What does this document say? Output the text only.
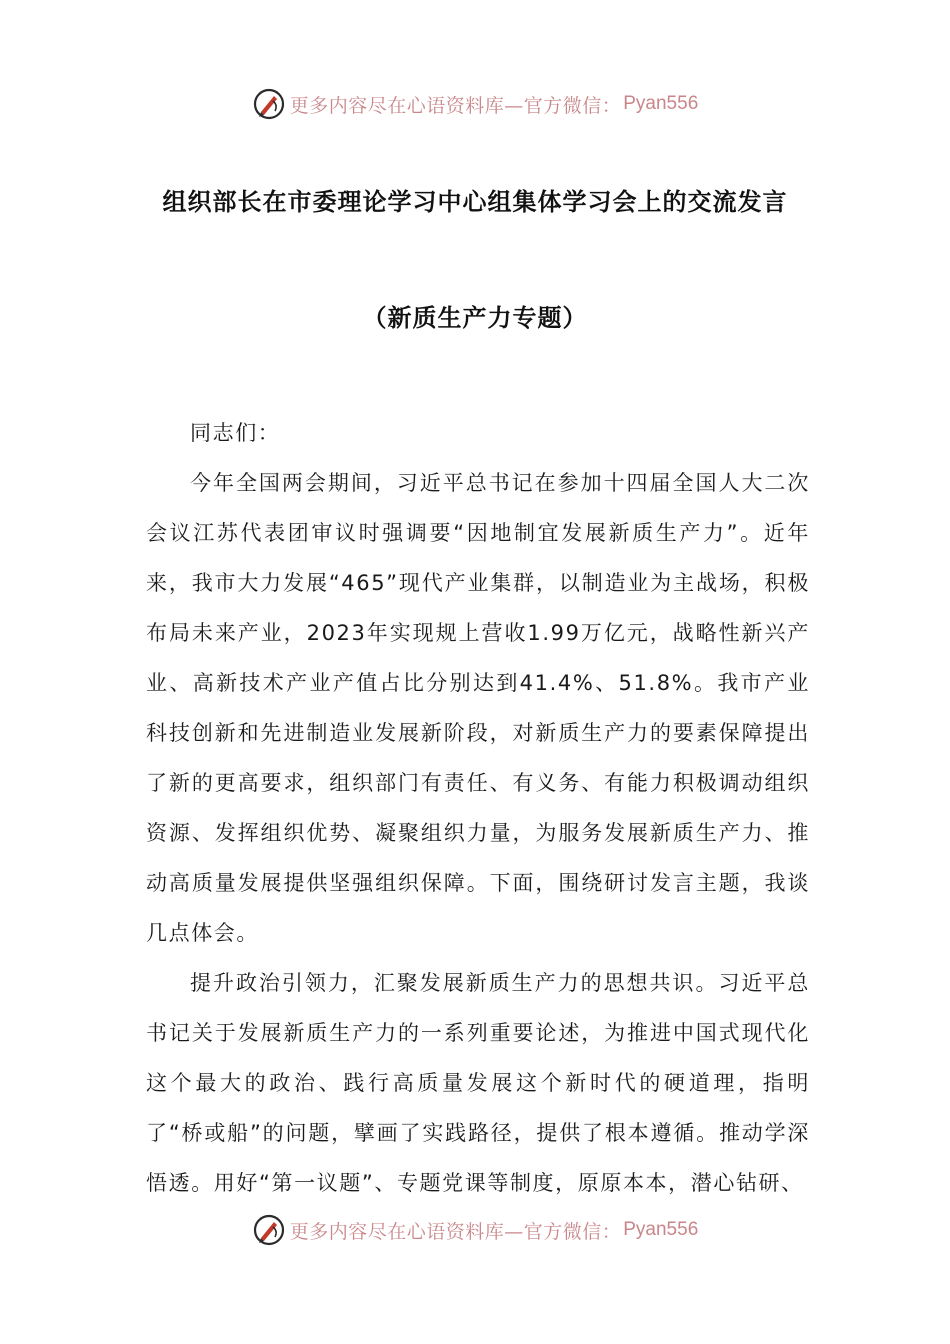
更多内容尽在心语资料库—官方微信： Pyan556
组织部长在市委理论学习中心组集体学习会上的交流发言
（新质生产力专题）

同志们：

今年全国两会期间，习近平总书记在参加十四届全国人大二次会议江苏代表团审议时强调要“因地制宜发展新质生产力”。近年来，我市大力发展“465”现代产业集群，以制造业为主战场，积极布局未来产业，2023年实现规上营收1.99万亿元，战略性新兴产业、高新技术产业产值占比分别达到41.4%、51.8%。我市产业科技创新和先进制造业发展新阶段，对新质生产力的要素保障提出了新的更高要求，组织部门有责任、有义务、有能力积极调动组织资源、发挥组织优势、凝聚组织力量，为服务发展新质生产力、推动高质量发展提供坚强组织保障。下面，围绕研讨发言主题，我谈几点体会。

提升政治引领力，汇聚发展新质生产力的思想共识。习近平总书记关于发展新质生产力的一系列重要论述，为推进中国式现代化这个最大的政治、践行高质量发展这个新时代的硬道理，指明了“桥或船”的问题，擘画了实践路径，提供了根本遵循。推动学深悟透。用好“第一议题”、专题党课等制度，原原本本，潜心钻研、

更多内容尽在心语资料库—官方微信： Pyan556
